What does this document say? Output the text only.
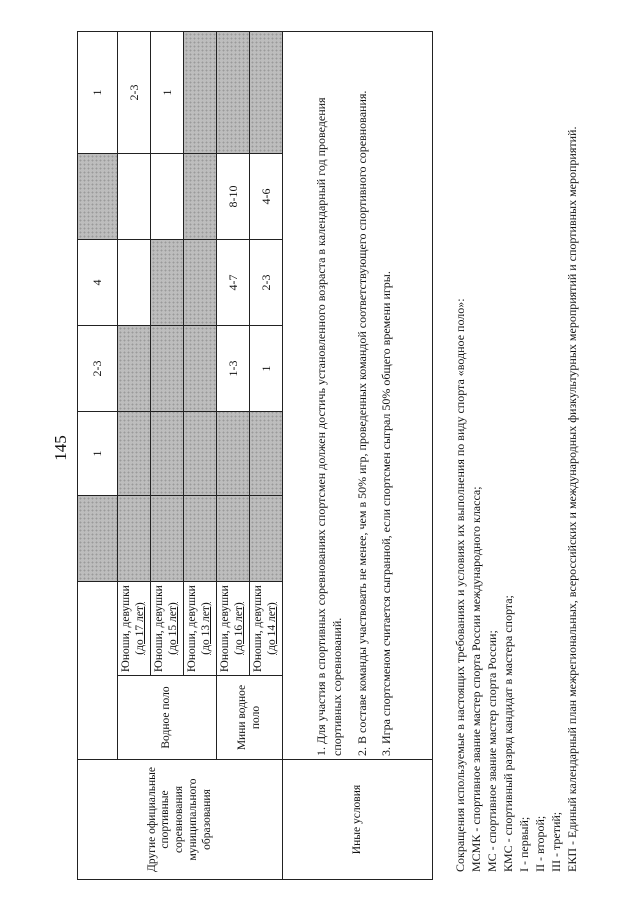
145
Другие официальные спортивные соревнования муниципального образования				1	2-3	4		1
	Водное поло	Юноши, девушки (до 17 лет)						2-3
		Юноши, девушки (до 15 лет)						1
		Юноши, девушки (до 13 лет)						
	Мини водное поло	Юноши, девушки (до 16 лет)			1-3	4-7	8-10	
		Юноши, девушки (до 14 лет)			1	2-3	4-6	
Иные условия	1. Для участия в спортивных соревнованиях спортсмен должен достичь установленного возраста в календарный год проведения спортивных соревнований. 2. В составе команды участвовать не менее, чем в 50% игр, проведенных командой соответствующего спортивного соревнования. 3. Игра спортсменом считается сыгранной, если спортсмен сыграл 50% общего времени игры.								Сокращения используемые в настоящих требованиях и условиях их выполнения по виду спорта «водное поло»: МСМК - спортивное звание мастер спорта России международного класса; МС - спортивное звание мастер спорта России; КМС - спортивный разряд кандидат в мастера спорта; I - первый; II - второй; III - третий; ЕКП - Единый календарный план межрегиональных, всероссийских и международных физкультурных мероприятий и спортивных мероприятий.
